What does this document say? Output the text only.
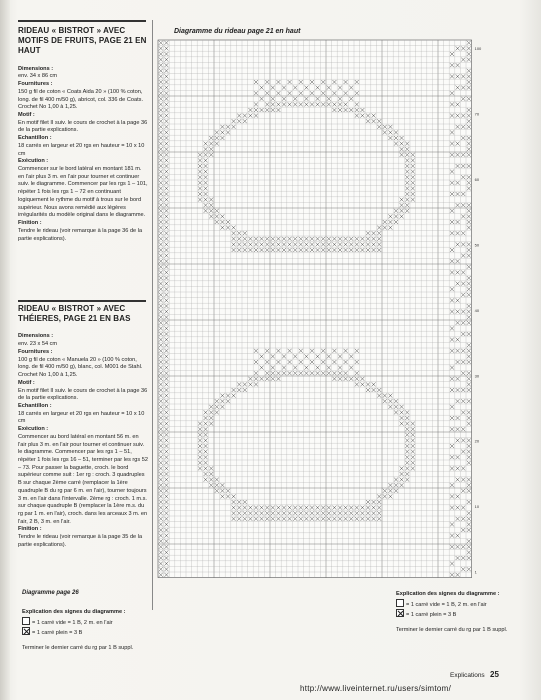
RIDEAU « BISTROT » AVEC MOTIFS DE FRUITS, PAGE 21 EN HAUT
Dimensions :
env. 34 x 86 cm
Fournitures :
150 g fil de coton « Coats Aida 20 » (100 % coton, long. de fil 400 m/50 g), abricot, col. 336 de Coats. Crochet No 1,00 à 1,25.
Motif :
En motif filet II suiv. le cours de crochet à la page 36 de la partie explications.
Echantillon :
18 carrés en largeur et 20 rgs en hauteur = 10 x 10 cm
Exécution :
Commencer sur le bord latéral en montant 181 m. en l'air plus 3 m. en l'air pour tourner et continuer suiv. le diagramme. Commencer par les rgs 1 – 101, répéter 1 fois les rgs 1 – 72 en continuant logiquement le rythme du motif à trous sur le bord supérieur. Nous avons remédié aux légères irrégularités du modèle original dans le diagramme.
Finition :
Tendre le rideau (voir remarque à la page 36 de la partie explications).
RIDEAU « BISTROT » AVEC THÉIERES, PAGE 21 EN BAS
Dimensions :
env. 23 x 54 cm
Fournitures :
100 g fil de coton « Manuela 20 » (100 % coton, long. de fil 400 m/50 g), blanc, col. M001 de Stahl. Crochet No 1,00 à 1,25.
Motif :
En motif filet II suiv. le cours de crochet à la page 36 de la partie explications.
Echantillon :
18 carrés en largeur et 20 rgs en hauteur = 10 x 10 cm
Exécution :
Commencer au bord latéral en montant 56 m. en l'air plus 3 m. en l'air pour tourner et continuer suiv. le diagramme. Commencer par les rgs 1 – 51, répéter 1 fois les rgs 16 – 51, terminer par les rgs 52 – 73. Pour passer la baguette, croch. le bord supérieur comme suit : 1er rg : croch. 3 quadruples B sur chaque 2ème carré (remplacer la 1ère quadruple B du rg par 6 m. en l'air), tourner toujours 3 m. en l'air dans l'intervalle. 2ème rg : croch. 1 m.s. sur chaque quadruple B (remplacer la 1ère m.s. du rg par 1 m. en l'air), croch. dans les arceaux 3 m. en l'air, 2 B, 3 m. en l'air.
Finition :
Tendre le rideau (voir remarque à la page 35 de la partie explications).
Diagramme du rideau page 21 en haut
100
70
60
50
40
30
20
10
1
Diagramme page 26
Explication des signes du diagramme :
= 1 carré vide = 1 B, 2 m. en l'air
= 1 carré plein = 3 B
Terminer le dernier carré du rg par 1 B suppl.
Explication des signes du diagramme :
= 1 carré vide = 1 B, 2 m. en l'air
= 1 carré plein = 3 B
Terminer le dernier carré du rg par 1 B suppl.
Explications 25
http://www.liveinternet.ru/users/simtom/
